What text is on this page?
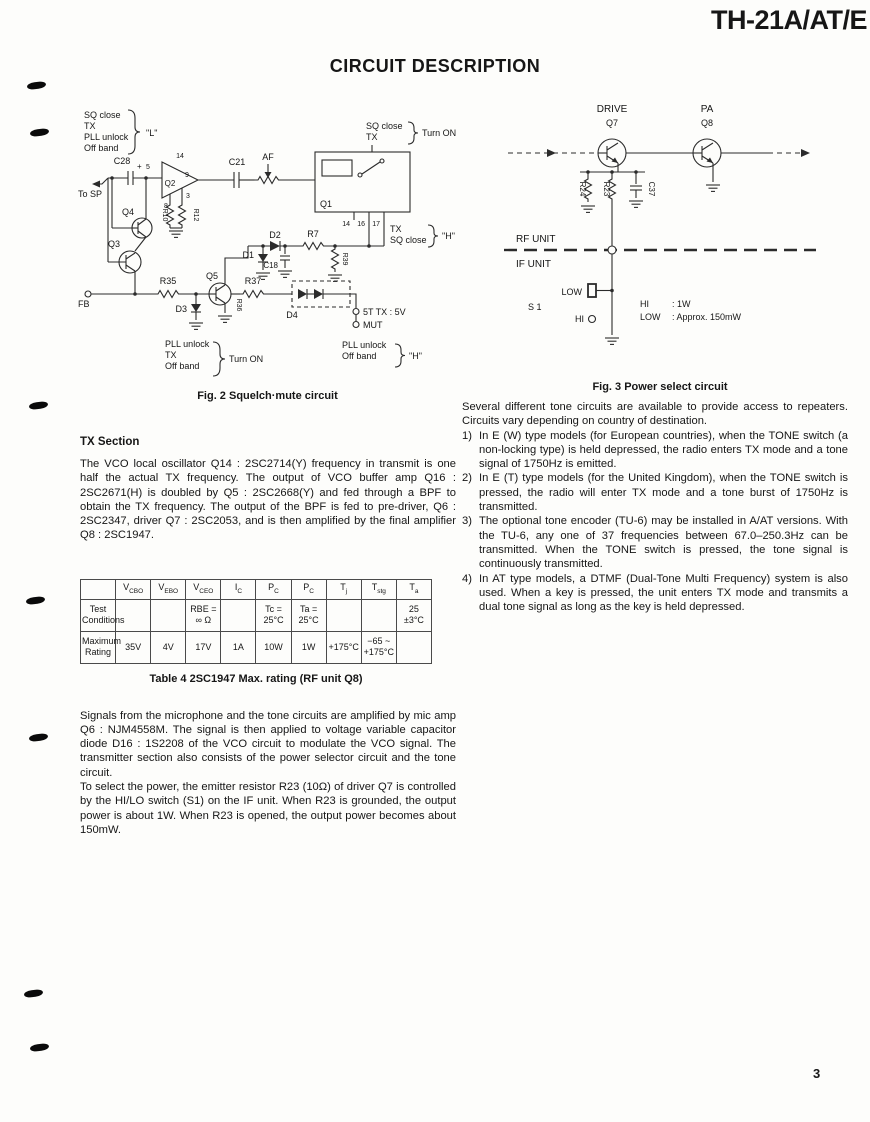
TH-21A/AT/E
CIRCUIT DESCRIPTION
SQ close
TX
PLL unlock
Off band
"L"
To SP
C28
+ 5
Q2
14
9
8
3
R10	R12
C21 AF
Q1
14 16 17
SQ close
TX	Turn ON
TX
SQ close "H"
D1
D2
C18
R7
R39
Q3
Q4
Q5
R35
R36
R37
D3
D4
FB
5T TX : 5V
MUT
PLL unlock
TX
Off band
Turn ON
PLL unlock
Off band	"H"
Fig. 2 Squelch·mute circuit
DRIVE	PA
Q7	Q8
R24 R23	C37
RF UNIT
IF UNIT
LOW
S 1
HI
HI	: 1W
LOW : Approx. 150mW
Fig. 3 Power select circuit
TX Section

The VCO local oscillator Q14 : 2SC2714(Y) frequency in transmit is one half the actual TX frequency. The output of VCO buffer amp Q16 : 2SC2671(H) is doubled by Q5 : 2SC2668(Y) and fed through a BPF to obtain the TX frequency. The output of the BPF is fed to pre-driver, Q6 : 2SC2347, driver Q7 : 2SC2053, and is then amplified by the final amplifier Q8 : 2SC1947.

	$V_{CBO}$	$V_{EBO}$	$V_{CEO}$	$I_C$	$P_C$	$P_C$	$T_j$	$T_{stg}$	$T_a$
Test Conditions			RBE = ∞ Ω		Tc = 25°C	Ta = 25°C			25 ±3°C
Maximum Rating	35V	4V	17V	1A	10W	1W	+175°C	−65 ~ +175°C	
Table 4 2SC1947 Max. rating (RF unit Q8)

Signals from the microphone and the tone circuits are amplified by mic amp Q6 : NJM4558M. The signal is then applied to voltage variable capacitor diode D16 : 1S2208 of the VCO circuit to modulate the VCO signal. The transmitter section also consists of the power selector circuit and the tone circuit.

To select the power, the emitter resistor R23 (10Ω) of driver Q7 is controlled by the HI/LO switch (S1) on the IF unit. When R23 is grounded, the output power is about 1W. When R23 is opened, the output power becomes about 150mW.

Several different tone circuits are available to provide access to repeaters. Circuits vary depending on country of destination.

1) In E (W) type models (for European countries), when the TONE switch (a non-locking type) is held depressed, the radio enters TX mode and a tone signal of 1750Hz is emitted.
2) In E (T) type models (for the United Kingdom), when the TONE switch is pressed, the radio will enter TX mode and a tone burst of 1750Hz is transmitted.
3) The optional tone encoder (TU-6) may be installed in A/AT versions. With the TU-6, any one of 37 frequencies between 67.0–250.3Hz can be transmitted. When the TONE switch is pressed, the tone signal is continuously transmitted.
4) In AT type models, a DTMF (Dual-Tone Multi Frequency) system is also used. When a key is pressed, the unit enters TX mode and transmits a dual tone signal as long as the key is held depressed.
3
